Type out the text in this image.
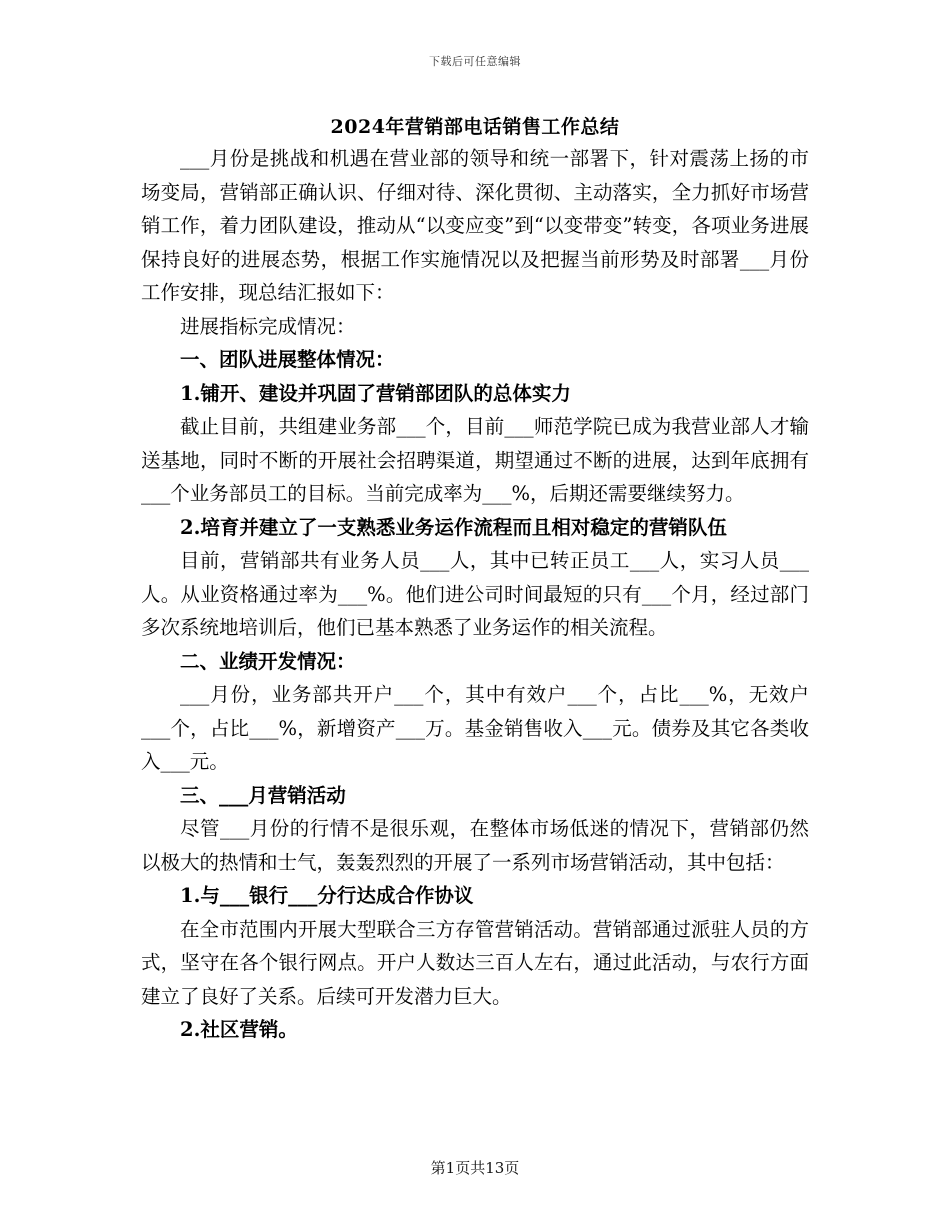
下载后可任意编辑
2024年营销部电话销售工作总结

___月份是挑战和机遇在营业部的领导和统一部署下，针对震荡上扬的市场变局，营销部正确认识、仔细对待、深化贯彻、主动落实，全力抓好市场营销工作，着力团队建设，推动从“以变应变”到“以变带变”转变，各项业务进展保持良好的进展态势，根据工作实施情况以及把握当前形势及时部署___月份工作安排，现总结汇报如下：

进展指标完成情况：

一、团队进展整体情况：

1.铺开、建设并巩固了营销部团队的总体实力

截止目前，共组建业务部___个，目前___师范学院已成为我营业部人才输送基地，同时不断的开展社会招聘渠道，期望通过不断的进展，达到年底拥有___个业务部员工的目标。当前完成率为___%，后期还需要继续努力。

2.培育并建立了一支熟悉业务运作流程而且相对稳定的营销队伍

目前，营销部共有业务人员___人，其中已转正员工___人，实习人员___人。从业资格通过率为___%。他们进公司时间最短的只有___个月，经过部门多次系统地培训后，他们已基本熟悉了业务运作的相关流程。

二、业绩开发情况：

___月份，业务部共开户___个，其中有效户___个，占比___%，无效户___个，占比___%，新增资产___万。基金销售收入___元。债券及其它各类收入___元。

三、___月营销活动

尽管___月份的行情不是很乐观，在整体市场低迷的情况下，营销部仍然以极大的热情和士气，轰轰烈烈的开展了一系列市场营销活动，其中包括：

1.与___银行___分行达成合作协议

在全市范围内开展大型联合三方存管营销活动。营销部通过派驻人员的方式，坚守在各个银行网点。开户人数达三百人左右，通过此活动，与农行方面建立了良好了关系。后续可开发潜力巨大。

2.社区营销。

第1页共13页
